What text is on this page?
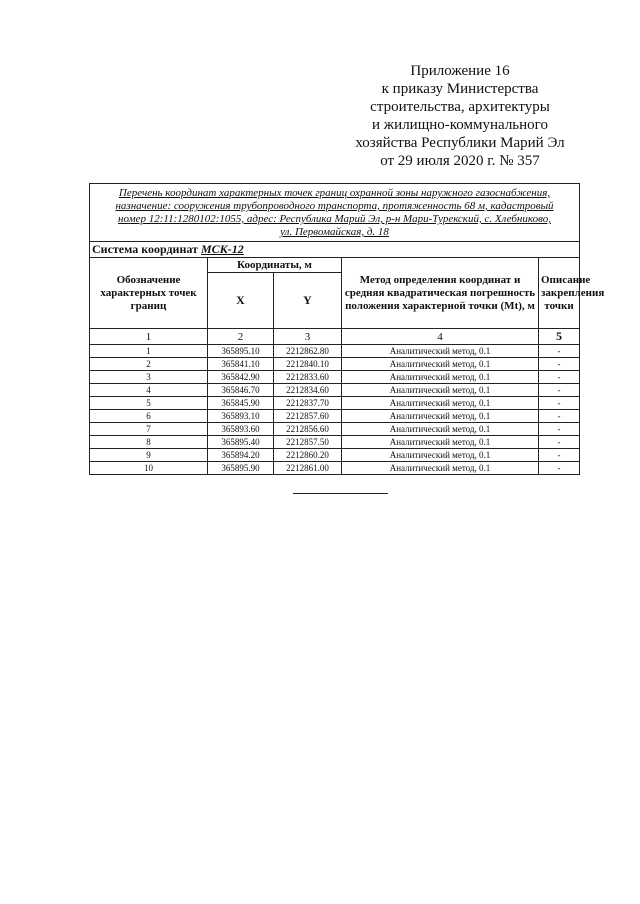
Приложение 16
к приказу Министерства
строительства, архитектуры
и жилищно-коммунального
хозяйства Республики Марий Эл
от 29 июля 2020 г. № 357
Перечень координат характерных точек границ охранной зоны наружного газоснабжения,
назначение: сооружения трубопроводного транспорта, протяженность 68 м, кадастровый
номер 12:11:1280102:1055, адрес: Республика Марий Эл, р-н Мари-Турекский, с. Хлебниково,
ул. Первомайская, д. 18				

Система координат МСК-12				
Обозначение характерных точек границ	Координаты, м		Метод определения координат и средняя квадратическая погрешность положения характерной точки (Mt), м	Описание закрепления точки
	X	Y		
1	2	3	4	5
1	365895.10	2212862.80	Аналитический метод, 0.1	-
2	365841.10	2212840.10	Аналитический метод, 0.1	-
3	365842.90	2212833.60	Аналитический метод, 0.1	-
4	365846.70	2212834.60	Аналитический метод, 0.1	-
5	365845.90	2212837.70	Аналитический метод, 0.1	-
6	365893.10	2212857.60	Аналитический метод, 0.1	-
7	365893.60	2212856.60	Аналитический метод, 0.1	-
8	365895.40	2212857.50	Аналитический метод, 0.1	-
9	365894.20	2212860.20	Аналитический метод, 0.1	-
10	365895.90	2212861.00	Аналитический метод, 0.1	-
